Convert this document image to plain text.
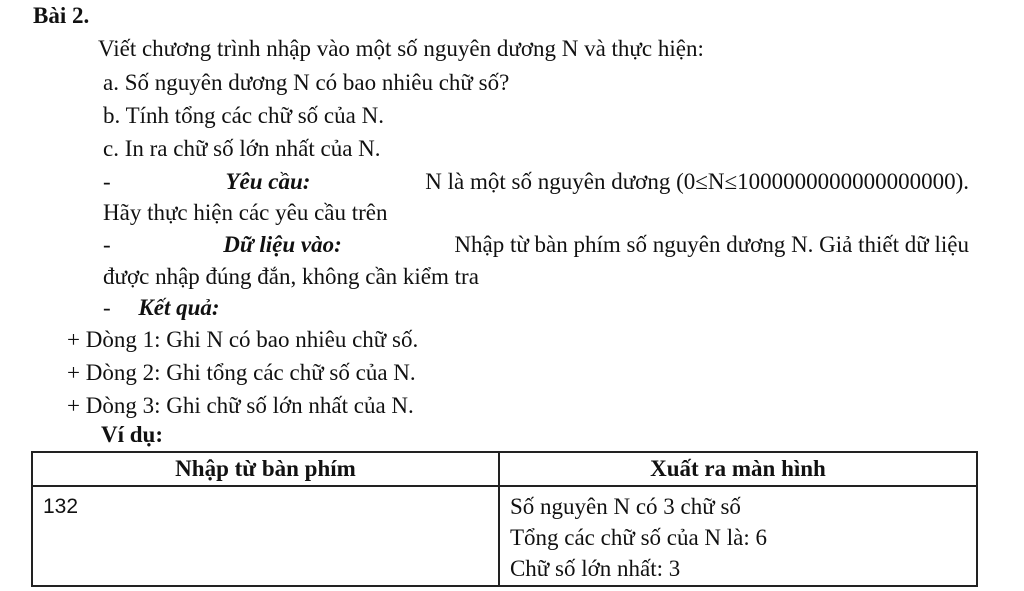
Bài 2.
Viết chương trình nhập vào một số nguyên dương N và thực hiện:
a. Số nguyên dương N có bao nhiêu chữ số?
b. Tính tổng các chữ số của N.
c. In ra chữ số lớn nhất của N.
-	Yêu cầu:	N là một số nguyên dương (0≤N≤1000000000000000000).
Hãy thực hiện các yêu cầu trên
-	Dữ liệu vào:	Nhập từ bàn phím số nguyên dương N. Giả thiết dữ liệu
được nhập đúng đắn, không cần kiểm tra
- Kết quả:
+ Dòng 1: Ghi N có bao nhiêu chữ số.
+ Dòng 2: Ghi tổng các chữ số của N.
+ Dòng 3: Ghi chữ số lớn nhất của N.
Ví dụ:
Nhập từ bàn phím	Xuất ra màn hình
132	Số nguyên N có 3 chữ số
Tổng các chữ số của N là: 6
Chữ số lớn nhất: 3
